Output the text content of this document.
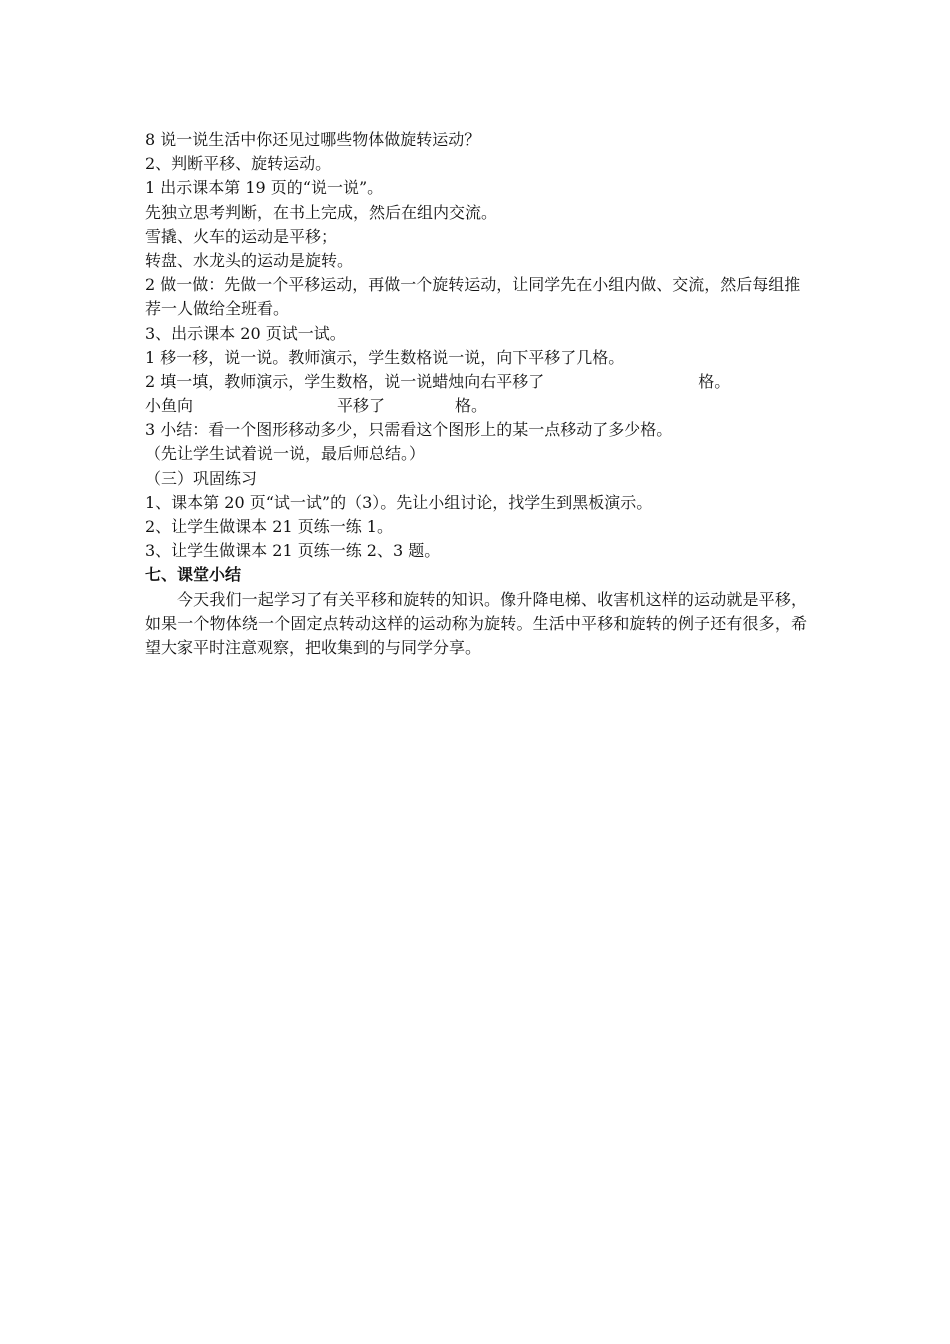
8 说一说生活中你还见过哪些物体做旋转运动？

2、判断平移、旋转运动。

1 出示课本第 19 页的“说一说”。

先独立思考判断，在书上完成，然后在组内交流。

雪撬、火车的运动是平移；

转盘、水龙头的运动是旋转。

2 做一做：先做一个平移运动，再做一个旋转运动，让同学先在小组内做、交流，然后每组推荐一人做给全班看。

3、出示课本 20 页试一试。

1 移一移，说一说。教师演示，学生数格说一说，向下平移了几格。

2 填一填，教师演示，学生数格，说一说蜡烛向右平移了	格。

小鱼向	平移了	格。

3 小结：看一个图形移动多少，只需看这个图形上的某一点移动了多少格。

（先让学生试着说一说，最后师总结。）

（三）巩固练习

1、课本第 20 页“试一试”的（3）。先让小组讨论，找学生到黑板演示。

2、让学生做课本 21 页练一练 1。

3、让学生做课本 21 页练一练 2、3 题。

七、课堂小结

今天我们一起学习了有关平移和旋转的知识。像升降电梯、收害机这样的运动就是平移，如果一个物体绕一个固定点转动这样的运动称为旋转。生活中平移和旋转的例子还有很多，希望大家平时注意观察，把收集到的与同学分享。
